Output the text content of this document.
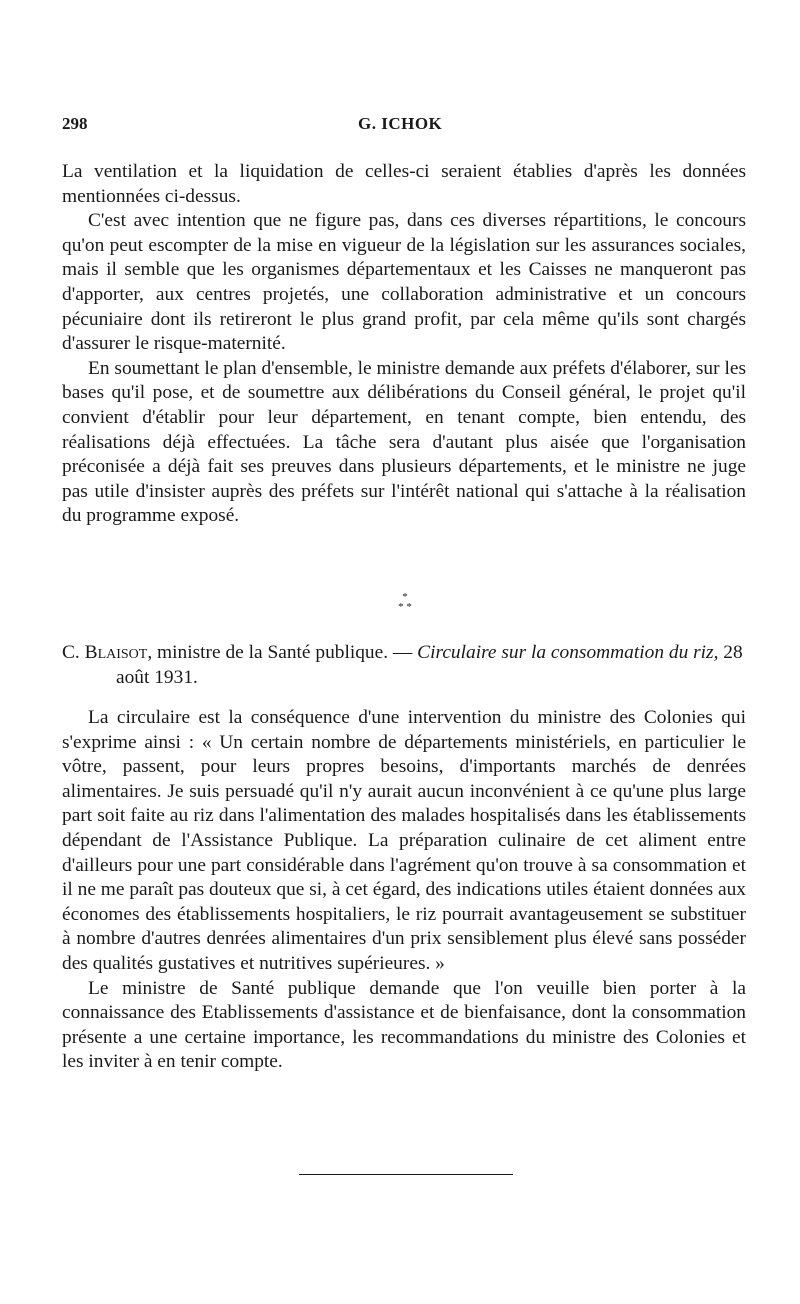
298	G. ICHOK

La ventilation et la liquidation de celles-ci seraient établies d'après les données mentionnées ci-dessus.

C'est avec intention que ne figure pas, dans ces diverses répartitions, le concours qu'on peut escompter de la mise en vigueur de la législation sur les assurances sociales, mais il semble que les organismes départementaux et les Caisses ne manqueront pas d'apporter, aux centres projetés, une collaboration administrative et un concours pécuniaire dont ils retireront le plus grand profit, par cela même qu'ils sont chargés d'assurer le risque-maternité.

En soumettant le plan d'ensemble, le ministre demande aux préfets d'élaborer, sur les bases qu'il pose, et de soumettre aux délibérations du Conseil général, le projet qu'il convient d'établir pour leur département, en tenant compte, bien entendu, des réalisations déjà effectuées. La tâche sera d'autant plus aisée que l'organisation préconisée a déjà fait ses preuves dans plusieurs départements, et le ministre ne juge pas utile d'insister auprès des préfets sur l'intérêt national qui s'attache à la réalisation du programme exposé.

*
* *
C. Blaisot, ministre de la Santé publique. — Circulaire sur la consommation du riz, 28 août 1931.

La circulaire est la conséquence d'une intervention du ministre des Colonies qui s'exprime ainsi : « Un certain nombre de départements ministériels, en particulier le vôtre, passent, pour leurs propres besoins, d'importants marchés de denrées alimentaires. Je suis persuadé qu'il n'y aurait aucun inconvénient à ce qu'une plus large part soit faite au riz dans l'alimentation des malades hospitalisés dans les établissements dépendant de l'Assistance Publique. La préparation culinaire de cet aliment entre d'ailleurs pour une part considérable dans l'agrément qu'on trouve à sa consommation et il ne me paraît pas douteux que si, à cet égard, des indications utiles étaient données aux économes des établissements hospitaliers, le riz pourrait avantageusement se substituer à nombre d'autres denrées alimentaires d'un prix sensiblement plus élevé sans posséder des qualités gustatives et nutritives supérieures. »

Le ministre de Santé publique demande que l'on veuille bien porter à la connaissance des Etablissements d'assistance et de bienfaisance, dont la consommation présente a une certaine importance, les recommandations du ministre des Colonies et les inviter à en tenir compte.
